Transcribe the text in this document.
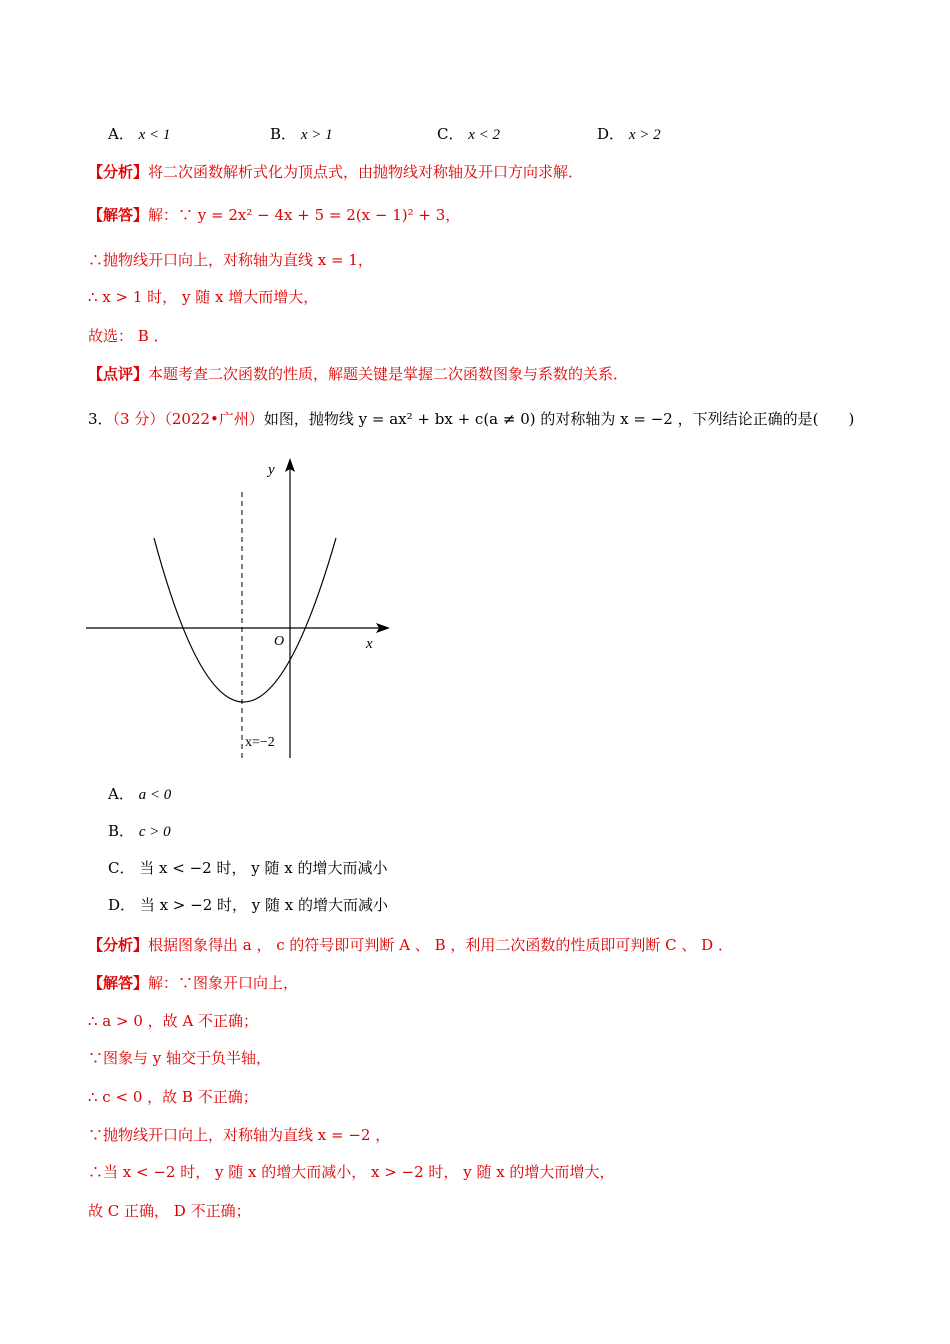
A． x < 1	B． x > 1	C． x < 2	D． x > 2
【分析】将二次函数解析式化为顶点式，由抛物线对称轴及开口方向求解．
【解答】解：∵ y = 2x² − 4x + 5 = 2(x − 1)² + 3，
∴抛物线开口向上，对称轴为直线 x = 1，
∴ x > 1 时， y 随 x 增大而增大，
故选： B ．
【点评】本题考查二次函数的性质，解题关键是掌握二次函数图象与系数的关系．
3．（3 分）（2022•广州）如图，抛物线 y = ax² + bx + c(a ≠ 0) 的对称轴为 x = −2 ，下列结论正确的是(　　)
y
x
O
x=−2
A． a < 0
B． c > 0
C． 当 x < −2 时， y 随 x 的增大而减小
D． 当 x > −2 时， y 随 x 的增大而减小
【分析】根据图象得出 a ， c 的符号即可判断 A 、 B ，利用二次函数的性质即可判断 C 、 D ．
【解答】解：∵图象开口向上，
∴ a > 0 ，故 A 不正确；
∵图象与 y 轴交于负半轴，
∴ c < 0 ，故 B 不正确；
∵抛物线开口向上，对称轴为直线 x = −2 ，
∴当 x < −2 时， y 随 x 的增大而减小， x > −2 时， y 随 x 的增大而增大，
故 C 正确， D 不正确；
